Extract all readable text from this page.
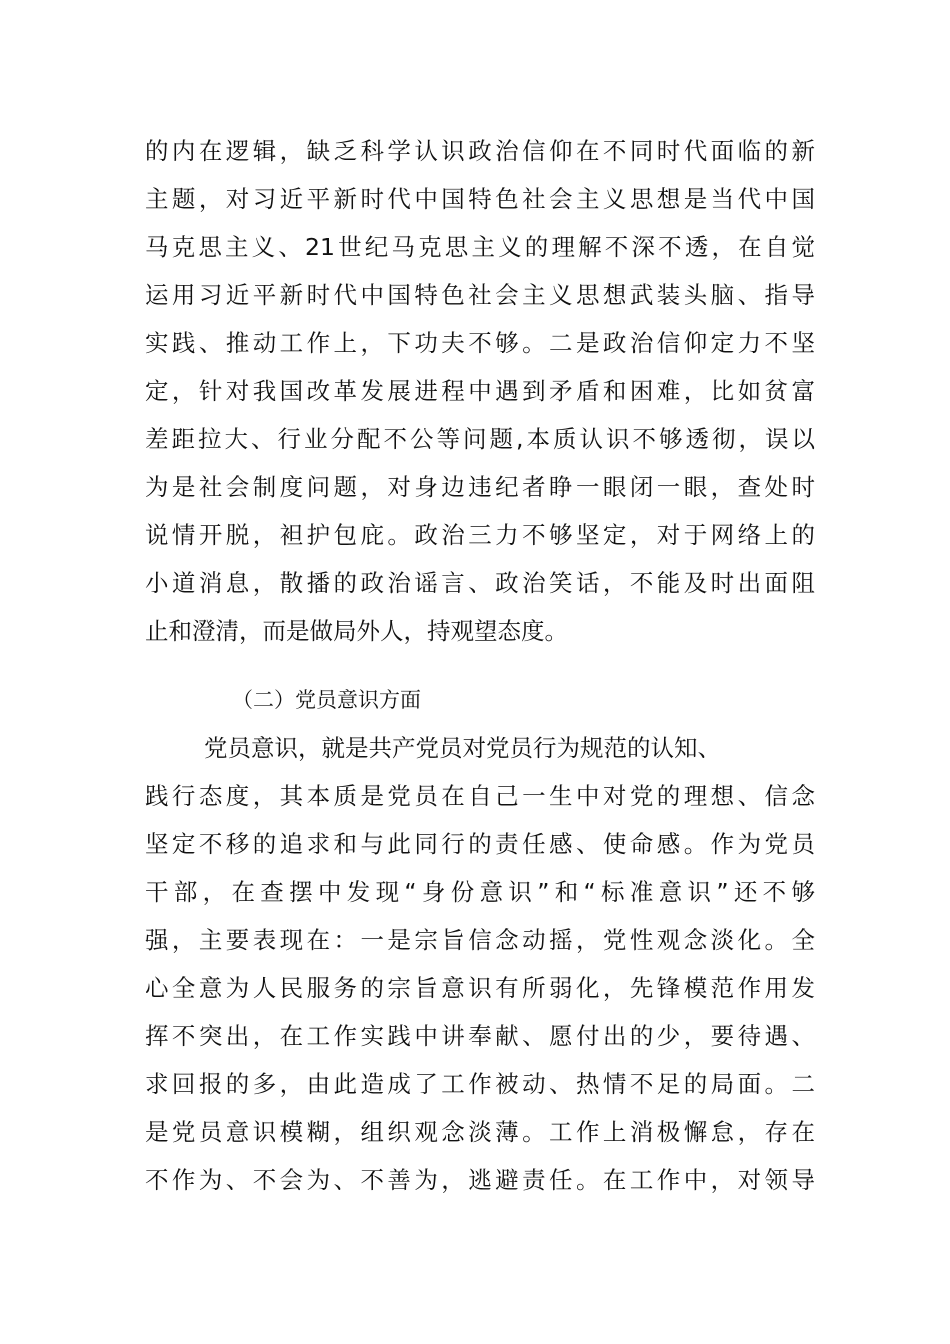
的内在逻辑，缺乏科学认识政治信仰在不同时代面临的新
主题，对习近平新时代中国特色社会主义思想是当代中国
马克思主义、21世纪马克思主义的理解不深不透，在自觉
运用习近平新时代中国特色社会主义思想武装头脑、指导
实践、推动工作上，下功夫不够。二是政治信仰定力不坚
定，针对我国改革发展进程中遇到矛盾和困难，比如贫富
差距拉大、行业分配不公等问题,本质认识不够透彻，误以
为是社会制度问题，对身边违纪者睁一眼闭一眼，查处时
说情开脱，袒护包庇。政治三力不够坚定，对于网络上的
小道消息，散播的政治谣言、政治笑话，不能及时出面阻
止和澄清，而是做局外人，持观望态度。
（二）党员意识方面
党员意识，就是共产党员对党员行为规范的认知、
践行态度，其本质是党员在自己一生中对党的理想、信念
坚定不移的追求和与此同行的责任感、使命感。作为党员
干部，在查摆中发现“身份意识”和“标准意识”还不够
强，主要表现在：一是宗旨信念动摇，党性观念淡化。全
心全意为人民服务的宗旨意识有所弱化，先锋模范作用发
挥不突出，在工作实践中讲奉献、愿付出的少，要待遇、
求回报的多，由此造成了工作被动、热情不足的局面。二
是党员意识模糊，组织观念淡薄。工作上消极懈怠，存在
不作为、不会为、不善为，逃避责任。在工作中，对领导
